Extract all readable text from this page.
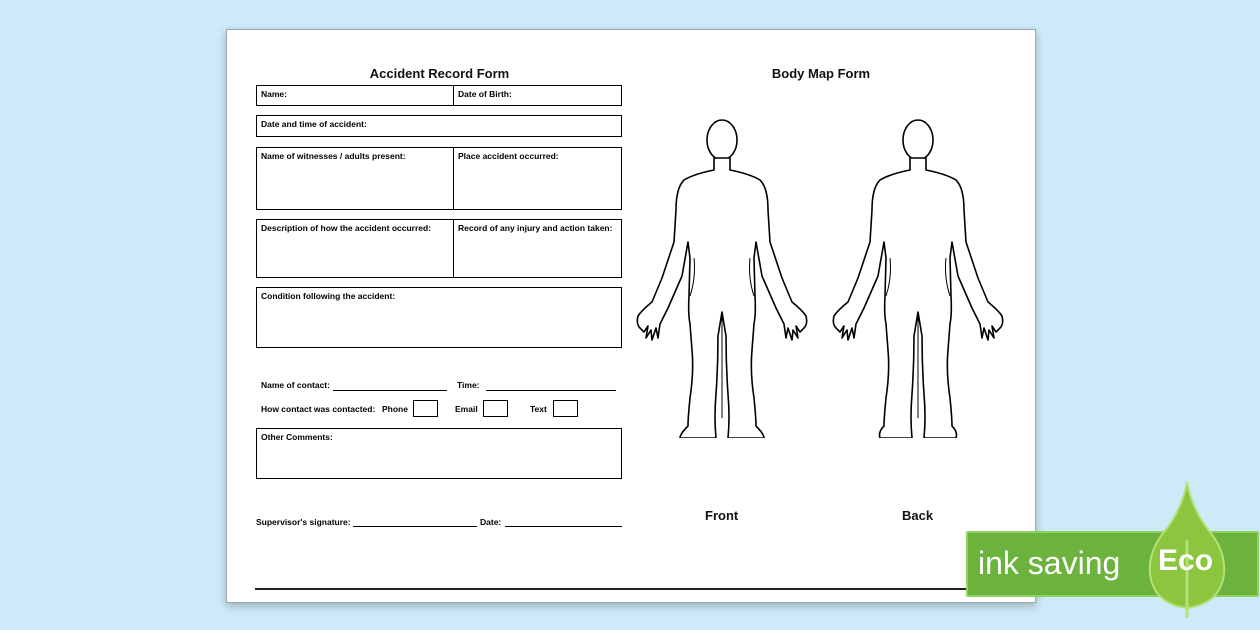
Accident Record Form
Name:	Date of Birth:
Date and time of accident:
Name of witnesses / adults present:	Place accident occurred:
Description of how the accident occurred:	Record of any injury and action taken:
Condition following the accident:
Name of contact:	Time:
How contact was contacted: Phone	Email	Text
Other Comments:
Supervisor's signature:	Date:
Body Map Form
Front	Back
ink saving Eco
